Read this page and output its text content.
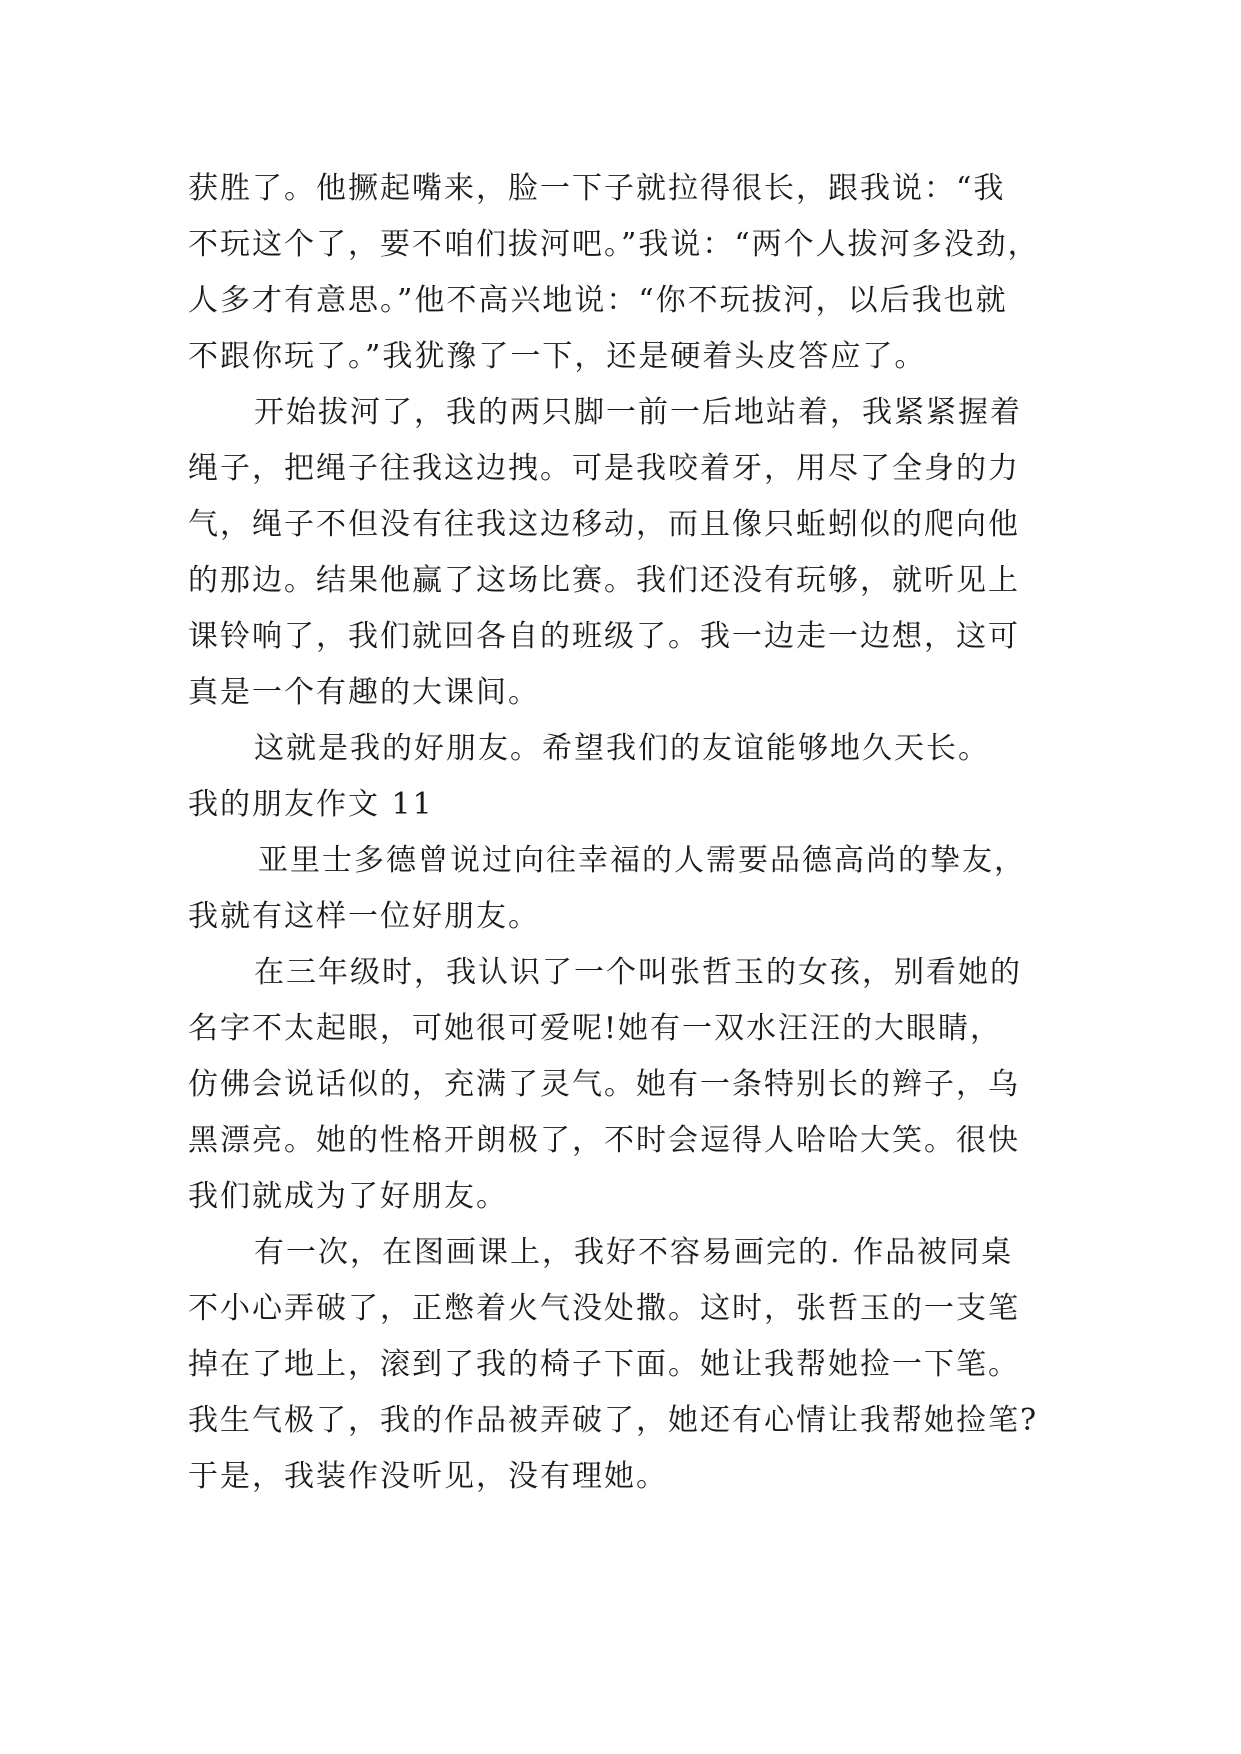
获胜了。他撅起嘴来，脸一下子就拉得很长，跟我说：“我
不玩这个了，要不咱们拔河吧。”我说：“两个人拔河多没劲，
人多才有意思。”他不高兴地说：“你不玩拔河，以后我也就
不跟你玩了。”我犹豫了一下，还是硬着头皮答应了。
开始拔河了，我的两只脚一前一后地站着，我紧紧握着
绳子，把绳子往我这边拽。可是我咬着牙，用尽了全身的力
气，绳子不但没有往我这边移动，而且像只蚯蚓似的爬向他
的那边。结果他赢了这场比赛。我们还没有玩够，就听见上
课铃响了，我们就回各自的班级了。我一边走一边想，这可
真是一个有趣的大课间。
这就是我的好朋友。希望我们的友谊能够地久天长。
我的朋友作文 11
亚里士多德曾说过向往幸福的人需要品德高尚的挚友，
我就有这样一位好朋友。
在三年级时，我认识了一个叫张哲玉的女孩，别看她的
名字不太起眼，可她很可爱呢!她有一双水汪汪的大眼睛，
仿佛会说话似的，充满了灵气。她有一条特别长的辫子，乌
黑漂亮。她的性格开朗极了，不时会逗得人哈哈大笑。很快
我们就成为了好朋友。
有一次，在图画课上，我好不容易画完的. 作品被同桌
不小心弄破了，正憋着火气没处撒。这时，张哲玉的一支笔
掉在了地上，滚到了我的椅子下面。她让我帮她捡一下笔。
我生气极了，我的作品被弄破了，她还有心情让我帮她捡笔?
于是，我装作没听见，没有理她。
